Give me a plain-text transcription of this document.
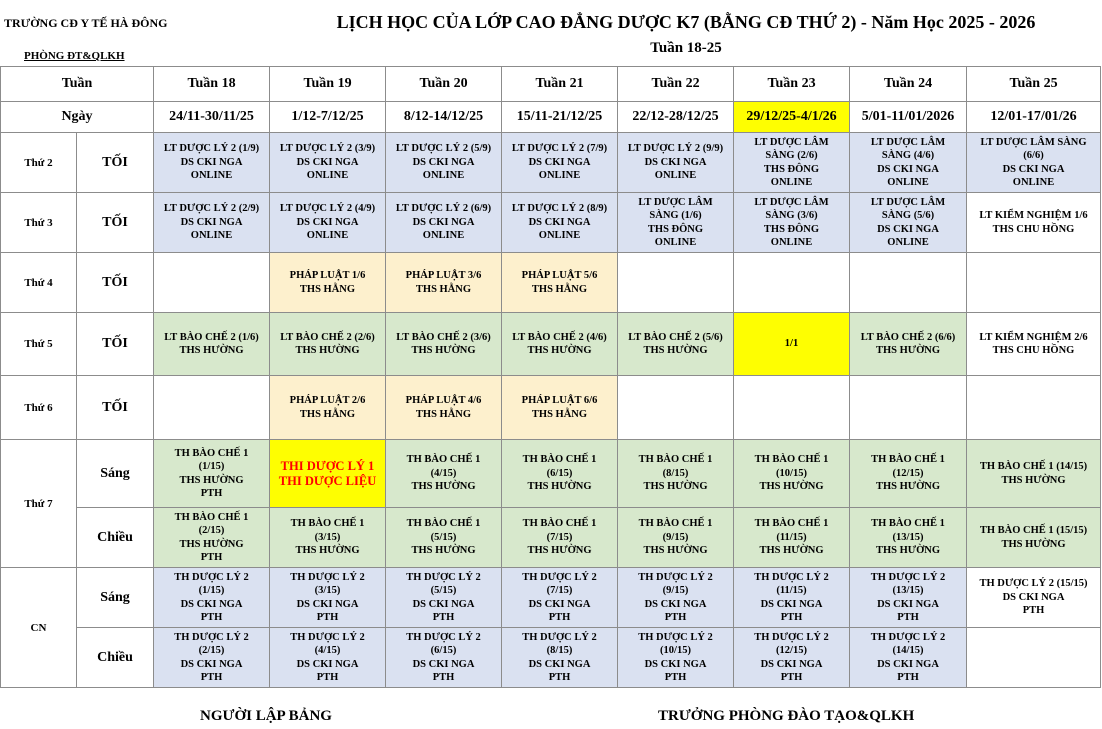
TRƯỜNG CĐ Y TẾ HÀ ĐÔNG
PHÒNG ĐT&QLKH
LỊCH HỌC CỦA LỚP CAO ĐẲNG DƯỢC K7 (BẰNG CĐ THỨ 2) - Năm Học 2025 - 2026
Tuần 18-25
Tuần		Tuần 18	Tuần 19	Tuần 20	Tuần 21	Tuần 22	Tuần 23	Tuần 24	Tuần 25
Ngày		24/11-30/11/25	1/12-7/12/25	8/12-14/12/25	15/11-21/12/25	22/12-28/12/25	29/12/25-4/1/26	5/01-11/01/2026	12/01-17/01/26
Thứ 2	TỐI	LT DƯỢC LÝ 2 (1/9)
DS CKI NGA
ONLINE	LT DƯỢC LÝ 2 (3/9)
DS CKI NGA
ONLINE	LT DƯỢC LÝ 2 (5/9)
DS CKI NGA
ONLINE	LT DƯỢC LÝ 2 (7/9)
DS CKI NGA
ONLINE	LT DƯỢC LÝ 2 (9/9)
DS CKI NGA
ONLINE	LT DƯỢC LÂM
SÀNG (2/6)
THS ĐÔNG
ONLINE	LT DƯỢC LÂM
SÀNG (4/6)
DS CKI NGA
ONLINE	LT DƯỢC LÂM SÀNG
(6/6)
DS CKI NGA
ONLINE

Thứ 3	TỐI	LT DƯỢC LÝ 2 (2/9)
DS CKI NGA
ONLINE	LT DƯỢC LÝ 2 (4/9)
DS CKI NGA
ONLINE	LT DƯỢC LÝ 2 (6/9)
DS CKI NGA
ONLINE	LT DƯỢC LÝ 2 (8/9)
DS CKI NGA
ONLINE	LT DƯỢC LÂM
SÀNG (1/6)
THS ĐÔNG
ONLINE	LT DƯỢC LÂM
SÀNG (3/6)
THS ĐÔNG
ONLINE	LT DƯỢC LÂM
SÀNG (5/6)
DS CKI NGA
ONLINE	LT KIỂM NGHIỆM 1/6
THS CHU HỒNG

Thứ 4	TỐI		PHÁP LUẬT 1/6
THS HẰNG	PHÁP LUẬT 3/6
THS HẰNG	PHÁP LUẬT 5/6
THS HẰNG				

Thứ 5	TỐI	LT BÀO CHẾ 2 (1/6)
THS HƯỜNG	LT BÀO CHẾ 2 (2/6)
THS HƯỜNG	LT BÀO CHẾ 2 (3/6)
THS HƯỜNG	LT BÀO CHẾ 2 (4/6)
THS HƯỜNG	LT BÀO CHẾ 2 (5/6)
THS HƯỜNG	1/1	LT BÀO CHẾ 2 (6/6)
THS HƯỜNG	LT KIỂM NGHIỆM 2/6
THS CHU HỒNG

Thứ 6	TỐI		PHÁP LUẬT 2/6
THS HẰNG	PHÁP LUẬT 4/6
THS HẰNG	PHÁP LUẬT 6/6
THS HẰNG				

Thứ 7	Sáng	TH BÀO CHẾ 1
(1/15)
THS HƯỜNG
PTH	THI DƯỢC LÝ 1
THI DƯỢC LIỆU	TH BÀO CHẾ 1
(4/15)
THS HƯỜNG	TH BÀO CHẾ 1
(6/15)
THS HƯỜNG	TH BÀO CHẾ 1
(8/15)
THS HƯỜNG	TH BÀO CHẾ 1
(10/15)
THS HƯỜNG	TH BÀO CHẾ 1
(12/15)
THS HƯỜNG	TH BÀO CHẾ 1 (14/15)
THS HƯỜNG

	Chiều	TH BÀO CHẾ 1
(2/15)
THS HƯỜNG
PTH	TH BÀO CHẾ 1
(3/15)
THS HƯỜNG	TH BÀO CHẾ 1
(5/15)
THS HƯỜNG	TH BÀO CHẾ 1
(7/15)
THS HƯỜNG	TH BÀO CHẾ 1
(9/15)
THS HƯỜNG	TH BÀO CHẾ 1
(11/15)
THS HƯỜNG	TH BÀO CHẾ 1
(13/15)
THS HƯỜNG	TH BÀO CHẾ 1 (15/15)
THS HƯỜNG

CN	Sáng	TH DƯỢC LÝ 2
(1/15)
DS CKI NGA
PTH	TH DƯỢC LÝ 2
(3/15)
DS CKI NGA
PTH	TH DƯỢC LÝ 2
(5/15)
DS CKI NGA
PTH	TH DƯỢC LÝ 2
(7/15)
DS CKI NGA
PTH	TH DƯỢC LÝ 2
(9/15)
DS CKI NGA
PTH	TH DƯỢC LÝ 2
(11/15)
DS CKI NGA
PTH	TH DƯỢC LÝ 2
(13/15)
DS CKI NGA
PTH	TH DƯỢC LÝ 2 (15/15)
DS CKI NGA
PTH

	Chiều	TH DƯỢC LÝ 2
(2/15)
DS CKI NGA
PTH	TH DƯỢC LÝ 2
(4/15)
DS CKI NGA
PTH	TH DƯỢC LÝ 2
(6/15)
DS CKI NGA
PTH	TH DƯỢC LÝ 2
(8/15)
DS CKI NGA
PTH	TH DƯỢC LÝ 2
(10/15)
DS CKI NGA
PTH	TH DƯỢC LÝ 2
(12/15)
DS CKI NGA
PTH	TH DƯỢC LÝ 2
(14/15)
DS CKI NGA
PTH	

NGƯỜI LẬP BẢNG	TRƯỞNG PHÒNG ĐÀO TẠO&QLKH
